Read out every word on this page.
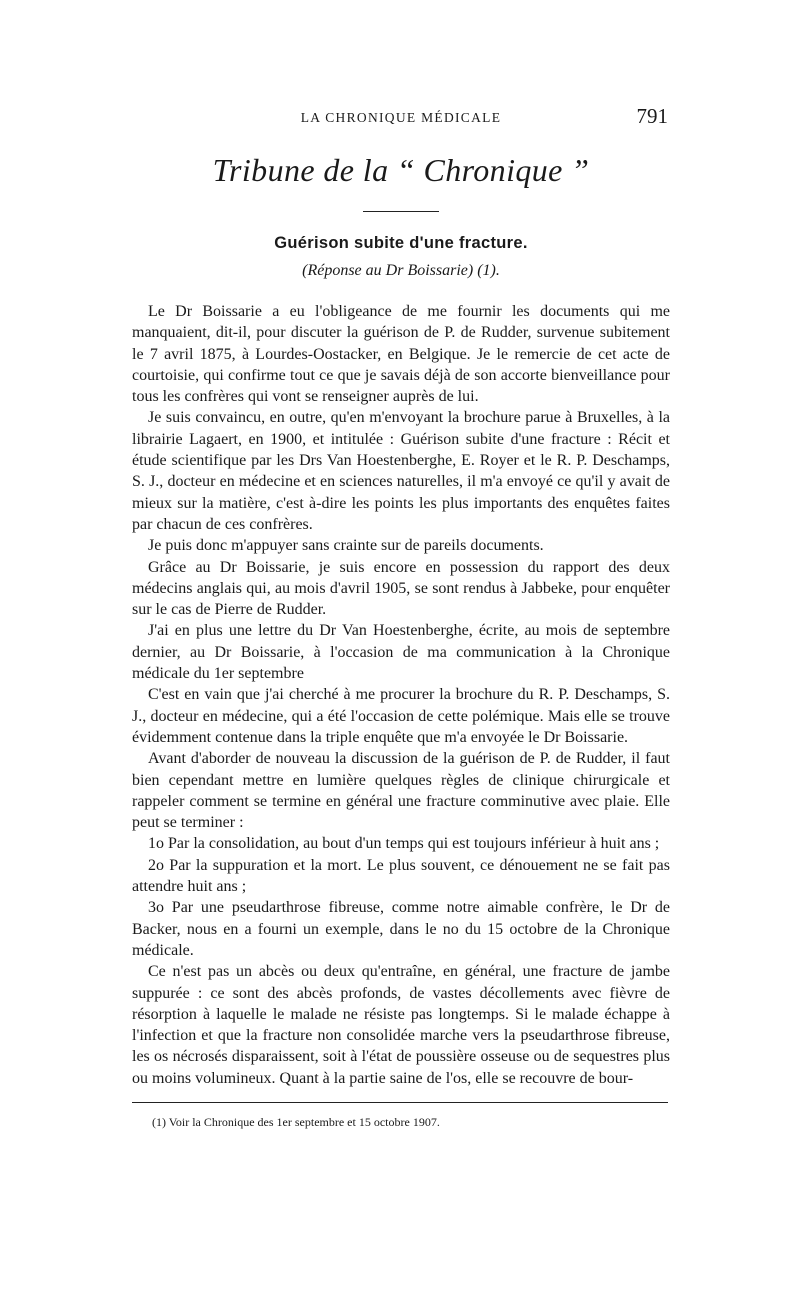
LA CHRONIQUE MÉDICALE	791
Tribune de la “ Chronique ”
Guérison subite d'une fracture.
(Réponse au Dr Boissarie) (1).

Le Dr Boissarie a eu l'obligeance de me fournir les documents qui me manquaient, dit-il, pour discuter la guérison de P. de Rudder, survenue subitement le 7 avril 1875, à Lourdes-Oostacker, en Belgique. Je le remercie de cet acte de courtoisie, qui confirme tout ce que je savais déjà de son accorte bienveillance pour tous les confrères qui vont se renseigner auprès de lui.

Je suis convaincu, en outre, qu'en m'envoyant la brochure parue à Bruxelles, à la librairie Lagaert, en 1900, et intitulée : Guérison subite d'une fracture : Récit et étude scientifique par les Drs Van Hoestenberghe, E. Royer et le R. P. Deschamps, S. J., docteur en médecine et en sciences naturelles, il m'a envoyé ce qu'il y avait de mieux sur la matière, c'est à-dire les points les plus importants des enquêtes faites par chacun de ces confrères.

Je puis donc m'appuyer sans crainte sur de pareils documents.

Grâce au Dr Boissarie, je suis encore en possession du rapport des deux médecins anglais qui, au mois d'avril 1905, se sont rendus à Jabbeke, pour enquêter sur le cas de Pierre de Rudder.

J'ai en plus une lettre du Dr Van Hoestenberghe, écrite, au mois de septembre dernier, au Dr Boissarie, à l'occasion de ma communication à la Chronique médicale du 1er septembre

C'est en vain que j'ai cherché à me procurer la brochure du R. P. Deschamps, S. J., docteur en médecine, qui a été l'occasion de cette polémique. Mais elle se trouve évidemment contenue dans la triple enquête que m'a envoyée le Dr Boissarie.

Avant d'aborder de nouveau la discussion de la guérison de P. de Rudder, il faut bien cependant mettre en lumière quelques règles de clinique chirurgicale et rappeler comment se termine en général une fracture comminutive avec plaie. Elle peut se terminer :

1o Par la consolidation, au bout d'un temps qui est toujours inférieur à huit ans ;

2o Par la suppuration et la mort. Le plus souvent, ce dénouement ne se fait pas attendre huit ans ;

3o Par une pseudarthrose fibreuse, comme notre aimable confrère, le Dr de Backer, nous en a fourni un exemple, dans le no du 15 octobre de la Chronique médicale.

Ce n'est pas un abcès ou deux qu'entraîne, en général, une fracture de jambe suppurée : ce sont des abcès profonds, de vastes décollements avec fièvre de résorption à laquelle le malade ne résiste pas longtemps. Si le malade échappe à l'infection et que la fracture non consolidée marche vers la pseudarthrose fibreuse, les os nécrosés disparaissent, soit à l'état de poussière osseuse ou de sequestres plus ou moins volumineux. Quant à la partie saine de l'os, elle se recouvre de bour-

(1) Voir la Chronique des 1er septembre et 15 octobre 1907.
